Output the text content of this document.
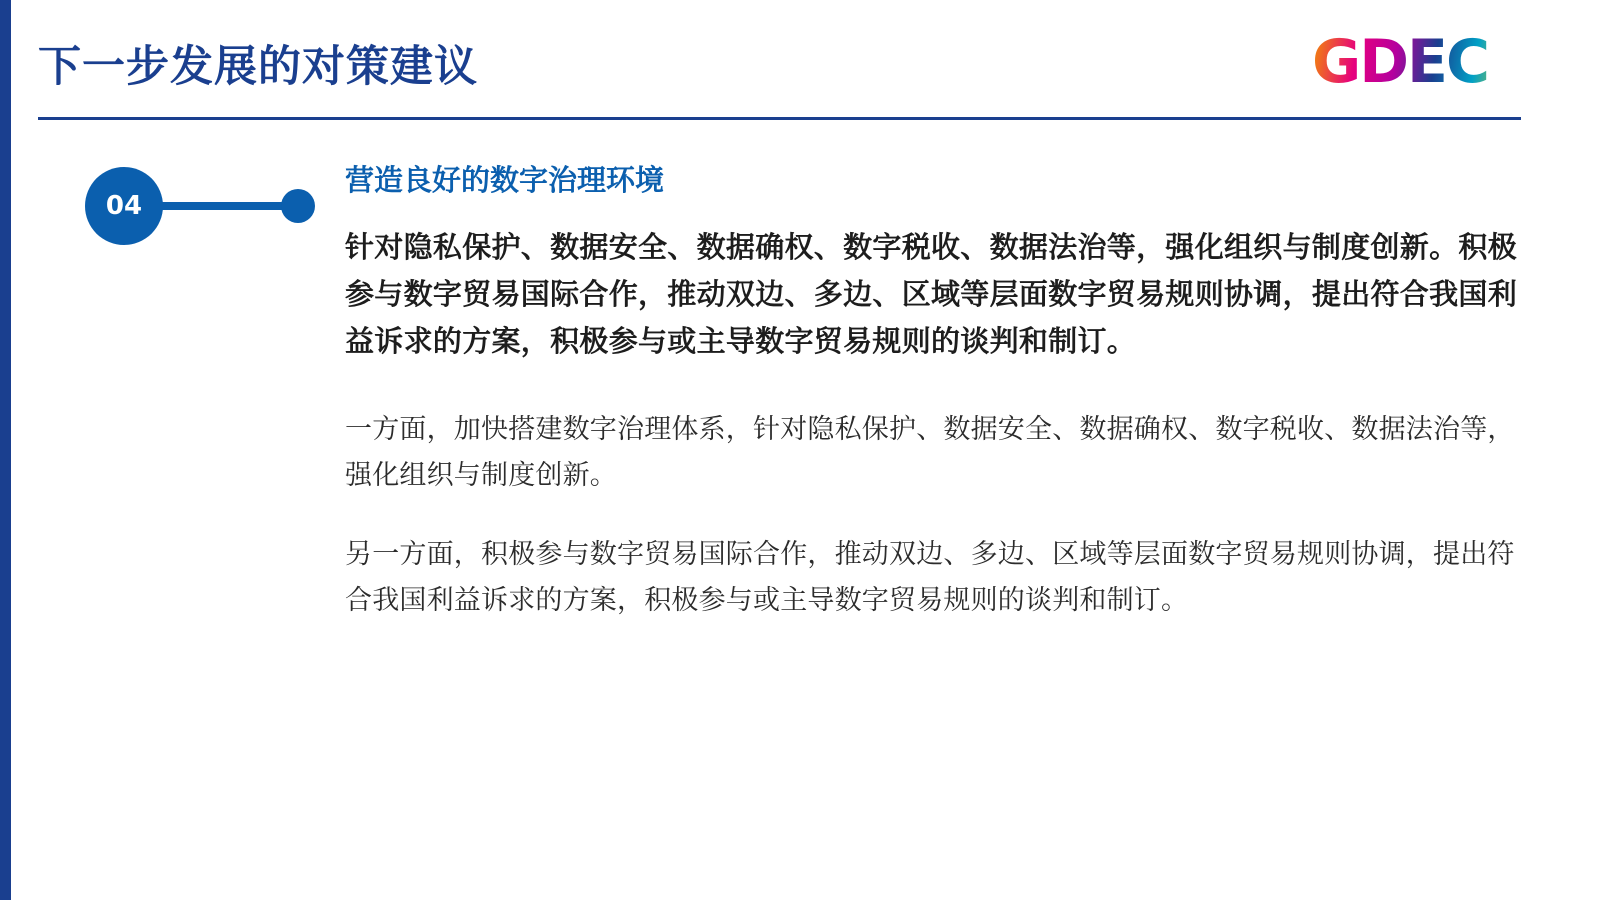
下一步发展的对策建议	GDEC
04
营造良好的数字治理环境
针对隐私保护、数据安全、数据确权、数字税收、数据法治等，强化组织与制度创新。积极参与数字贸易国际合作，推动双边、多边、区域等层面数字贸易规则协调，提出符合我国利益诉求的方案，积极参与或主导数字贸易规则的谈判和制订。
一方面，加快搭建数字治理体系，针对隐私保护、数据安全、数据确权、数字税收、数据法治等，强化组织与制度创新。
另一方面，积极参与数字贸易国际合作，推动双边、多边、区域等层面数字贸易规则协调，提出符合我国利益诉求的方案，积极参与或主导数字贸易规则的谈判和制订。
